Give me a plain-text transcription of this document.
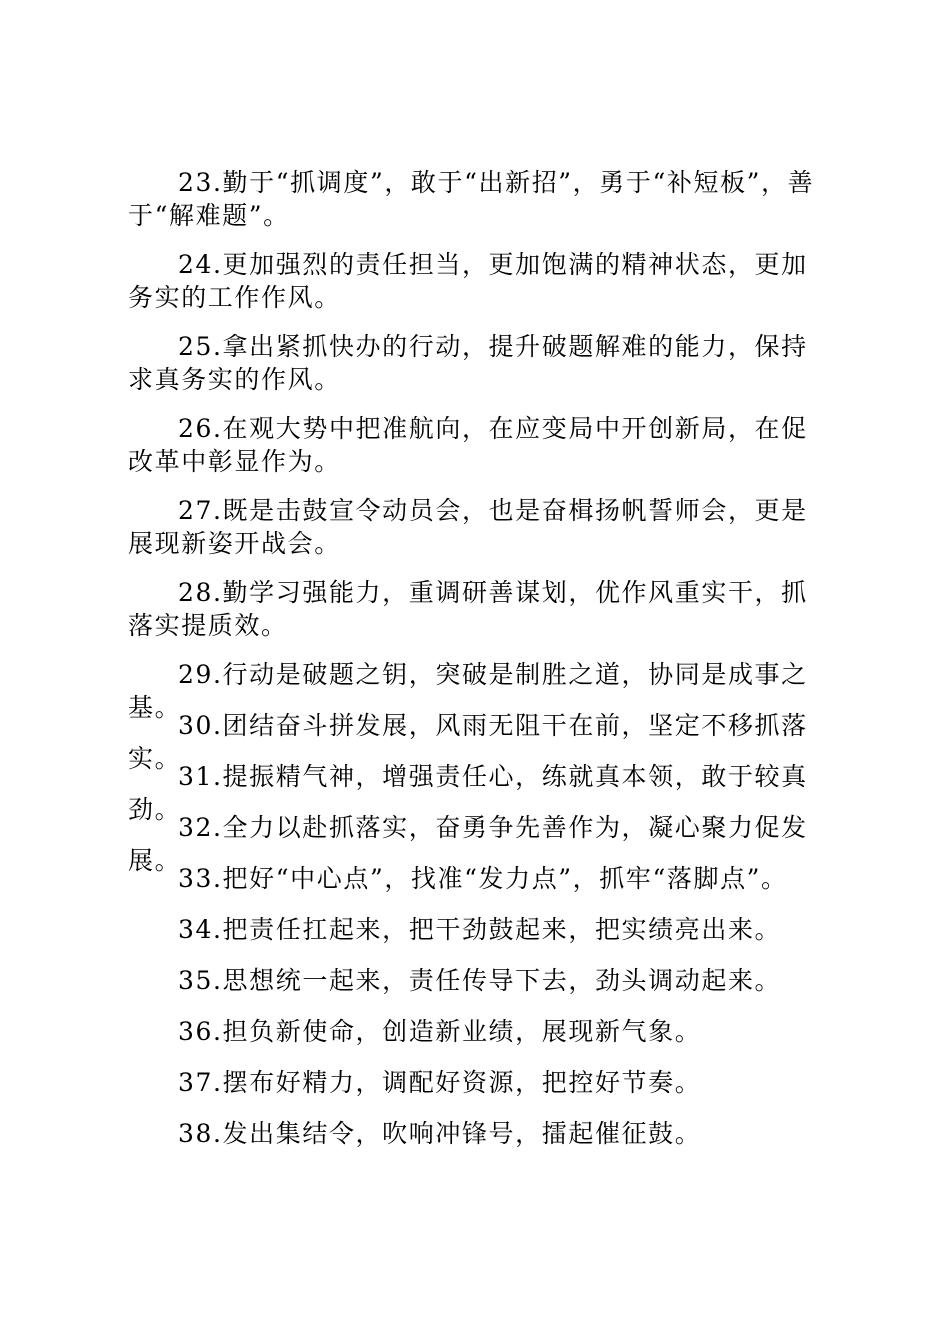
23.勤于“抓调度”，敢于“出新招”，勇于“补短板”，善于“解难题”。

24.更加强烈的责任担当，更加饱满的精神状态，更加务实的工作作风。

25.拿出紧抓快办的行动，提升破题解难的能力，保持求真务实的作风。

26.在观大势中把准航向，在应变局中开创新局，在促改革中彰显作为。

27.既是击鼓宣令动员会，也是奋楫扬帆誓师会，更是展现新姿开战会。

28.勤学习强能力，重调研善谋划，优作风重实干，抓落实提质效。

29.行动是破题之钥，突破是制胜之道，协同是成事之基。

30.团结奋斗拼发展，风雨无阻干在前，坚定不移抓落实。

31.提振精气神，增强责任心，练就真本领，敢于较真劲。

32.全力以赴抓落实，奋勇争先善作为，凝心聚力促发展。

33.把好“中心点”，找准“发力点”，抓牢“落脚点”。

34.把责任扛起来，把干劲鼓起来，把实绩亮出来。

35.思想统一起来，责任传导下去，劲头调动起来。

36.担负新使命，创造新业绩，展现新气象。

37.摆布好精力，调配好资源，把控好节奏。

38.发出集结令，吹响冲锋号，擂起催征鼓。
